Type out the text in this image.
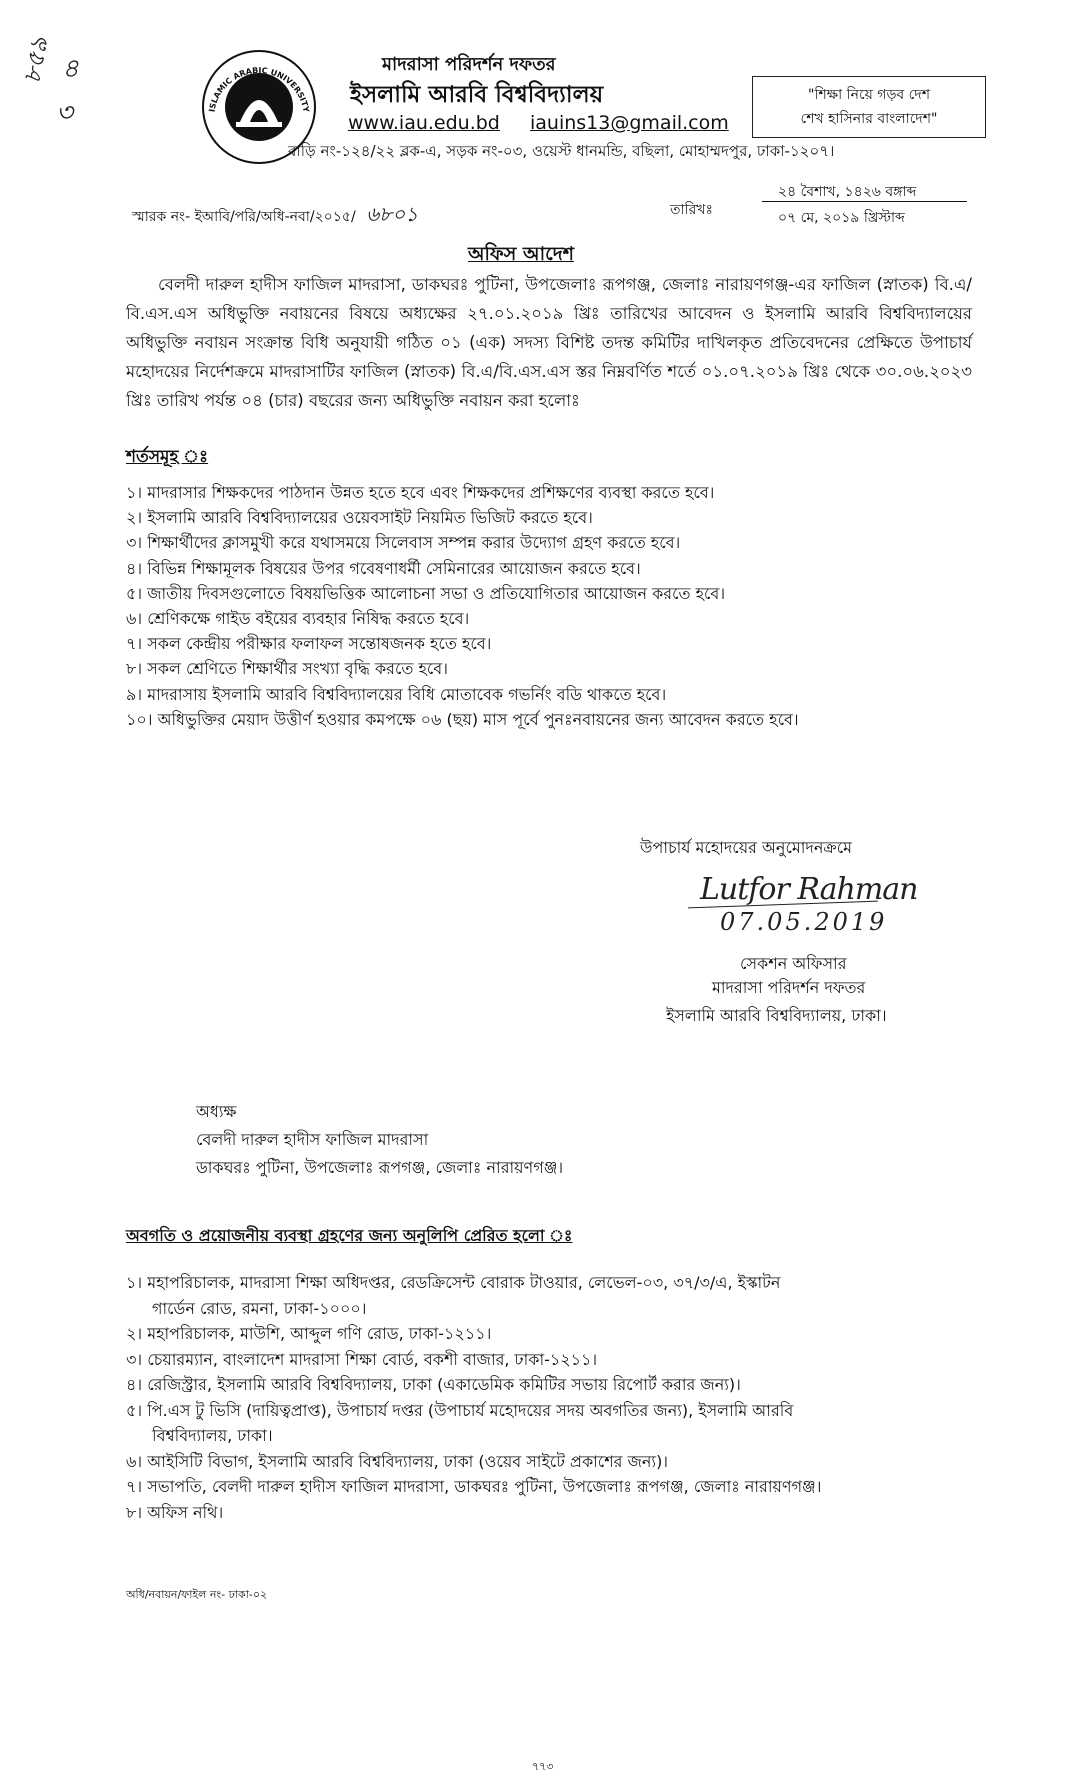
৮৫৯ ৪
৩	ISLAMIC ARABIC UNIVERSITY
মাদরাসা পরিদর্শন দফতর
ইসলামি আরবি বিশ্ববিদ্যালয়
www.iau.edu.bd iauins13@gmail.com
বাড়ি নং-১২৪/২২ ব্লক-এ, সড়ক নং-০৩, ওয়েস্ট ধানমন্ডি, বছিলা, মোহাম্মদপুর, ঢাকা-১২০৭।
"শিক্ষা নিয়ে গড়ব দেশ
শেখ হাসিনার বাংলাদেশ"
স্মারক নং- ইআবি/পরি/অধি-নবা/২০১৫/ ৬৮০১	তারিখঃ
২৪ বৈশাখ, ১৪২৬ বঙ্গাব্দ
০৭ মে, ২০১৯ খ্রিস্টাব্দ
অফিস আদেশ
বেলদী দারুল হাদীস ফাজিল মাদরাসা, ডাকঘরঃ পুটিনা, উপজেলাঃ রূপগঞ্জ, জেলাঃ নারায়ণগঞ্জ-এর ফাজিল (স্নাতক) বি.এ/বি.এস.এস অধিভুক্তি নবায়নের বিষয়ে অধ্যক্ষের ২৭.০১.২০১৯ খ্রিঃ তারিখের আবেদন ও ইসলামি আরবি বিশ্ববিদ্যালয়ের অধিভুক্তি নবায়ন সংক্রান্ত বিধি অনুযায়ী গঠিত ০১ (এক) সদস্য বিশিষ্ট তদন্ত কমিটির দাখিলকৃত প্রতিবেদনের প্রেক্ষিতে উপাচার্য মহোদয়ের নির্দেশক্রমে মাদরাসাটির ফাজিল (স্নাতক) বি.এ/বি.এস.এস স্তর নিম্নবর্ণিত শর্তে ০১.০৭.২০১৯ খ্রিঃ থেকে ৩০.০৬.২০২৩ খ্রিঃ তারিখ পর্যন্ত ০৪ (চার) বছরের জন্য অধিভুক্তি নবায়ন করা হলোঃ
শর্তসমূহ ঃ
১। মাদরাসার শিক্ষকদের পাঠদান উন্নত হতে হবে এবং শিক্ষকদের প্রশিক্ষণের ব্যবস্থা করতে হবে।
২। ইসলামি আরবি বিশ্ববিদ্যালয়ের ওয়েবসাইট নিয়মিত ভিজিট করতে হবে।
৩। শিক্ষার্থীদের ক্লাসমুখী করে যথাসময়ে সিলেবাস সম্পন্ন করার উদ্যোগ গ্রহণ করতে হবে।
৪। বিভিন্ন শিক্ষামূলক বিষয়ের উপর গবেষণাধর্মী সেমিনারের আয়োজন করতে হবে।
৫। জাতীয় দিবসগুলোতে বিষয়ভিত্তিক আলোচনা সভা ও প্রতিযোগিতার আয়োজন করতে হবে।
৬। শ্রেণিকক্ষে গাইড বইয়ের ব্যবহার নিষিদ্ধ করতে হবে।
৭। সকল কেন্দ্রীয় পরীক্ষার ফলাফল সন্তোষজনক হতে হবে।
৮। সকল শ্রেণিতে শিক্ষার্থীর সংখ্যা বৃদ্ধি করতে হবে।
৯। মাদরাসায় ইসলামি আরবি বিশ্ববিদ্যালয়ের বিধি মোতাবেক গভর্নিং বডি থাকতে হবে।
১০। অধিভুক্তির মেয়াদ উত্তীর্ণ হওয়ার কমপক্ষে ০৬ (ছয়) মাস পূর্বে পুনঃনবায়নের জন্য আবেদন করতে হবে।
উপাচার্য মহোদয়ের অনুমোদনক্রমে
Lutfor Rahman
07.05.2019
সেকশন অফিসার
মাদরাসা পরিদর্শন দফতর
ইসলামি আরবি বিশ্ববিদ্যালয়, ঢাকা।
অধ্যক্ষ
বেলদী দারুল হাদীস ফাজিল মাদরাসা
ডাকঘরঃ পুটিনা, উপজেলাঃ রূপগঞ্জ, জেলাঃ নারায়ণগঞ্জ।
অবগতি ও প্রয়োজনীয় ব্যবস্থা গ্রহণের জন্য অনুলিপি প্রেরিত হলো ঃ
১। মহাপরিচালক, মাদরাসা শিক্ষা অধিদপ্তর, রেডক্রিসেন্ট বোরাক টাওয়ার, লেভেল-০৩, ৩৭/৩/এ, ইস্কাটন
গার্ডেন রোড, রমনা, ঢাকা-১০০০।
২। মহাপরিচালক, মাউশি, আব্দুল গণি রোড, ঢাকা-১২১১।
৩। চেয়ারম্যান, বাংলাদেশ মাদরাসা শিক্ষা বোর্ড, বকশী বাজার, ঢাকা-১২১১।
৪। রেজিস্ট্রার, ইসলামি আরবি বিশ্ববিদ্যালয়, ঢাকা (একাডেমিক কমিটির সভায় রিপোর্ট করার জন্য)।
৫। পি.এস টু ভিসি (দায়িত্বপ্রাপ্ত), উপাচার্য দপ্তর (উপাচার্য মহোদয়ের সদয় অবগতির জন্য), ইসলামি আরবি
বিশ্ববিদ্যালয়, ঢাকা।
৬। আইসিটি বিভাগ, ইসলামি আরবি বিশ্ববিদ্যালয়, ঢাকা (ওয়েব সাইটে প্রকাশের জন্য)।
৭। সভাপতি, বেলদী দারুল হাদীস ফাজিল মাদরাসা, ডাকঘরঃ পুটিনা, উপজেলাঃ রূপগঞ্জ, জেলাঃ নারায়ণগঞ্জ।
৮। অফিস নথি।
অধি/নবায়ন/ফাইল নং- ঢাকা-০২
৭৭৩
